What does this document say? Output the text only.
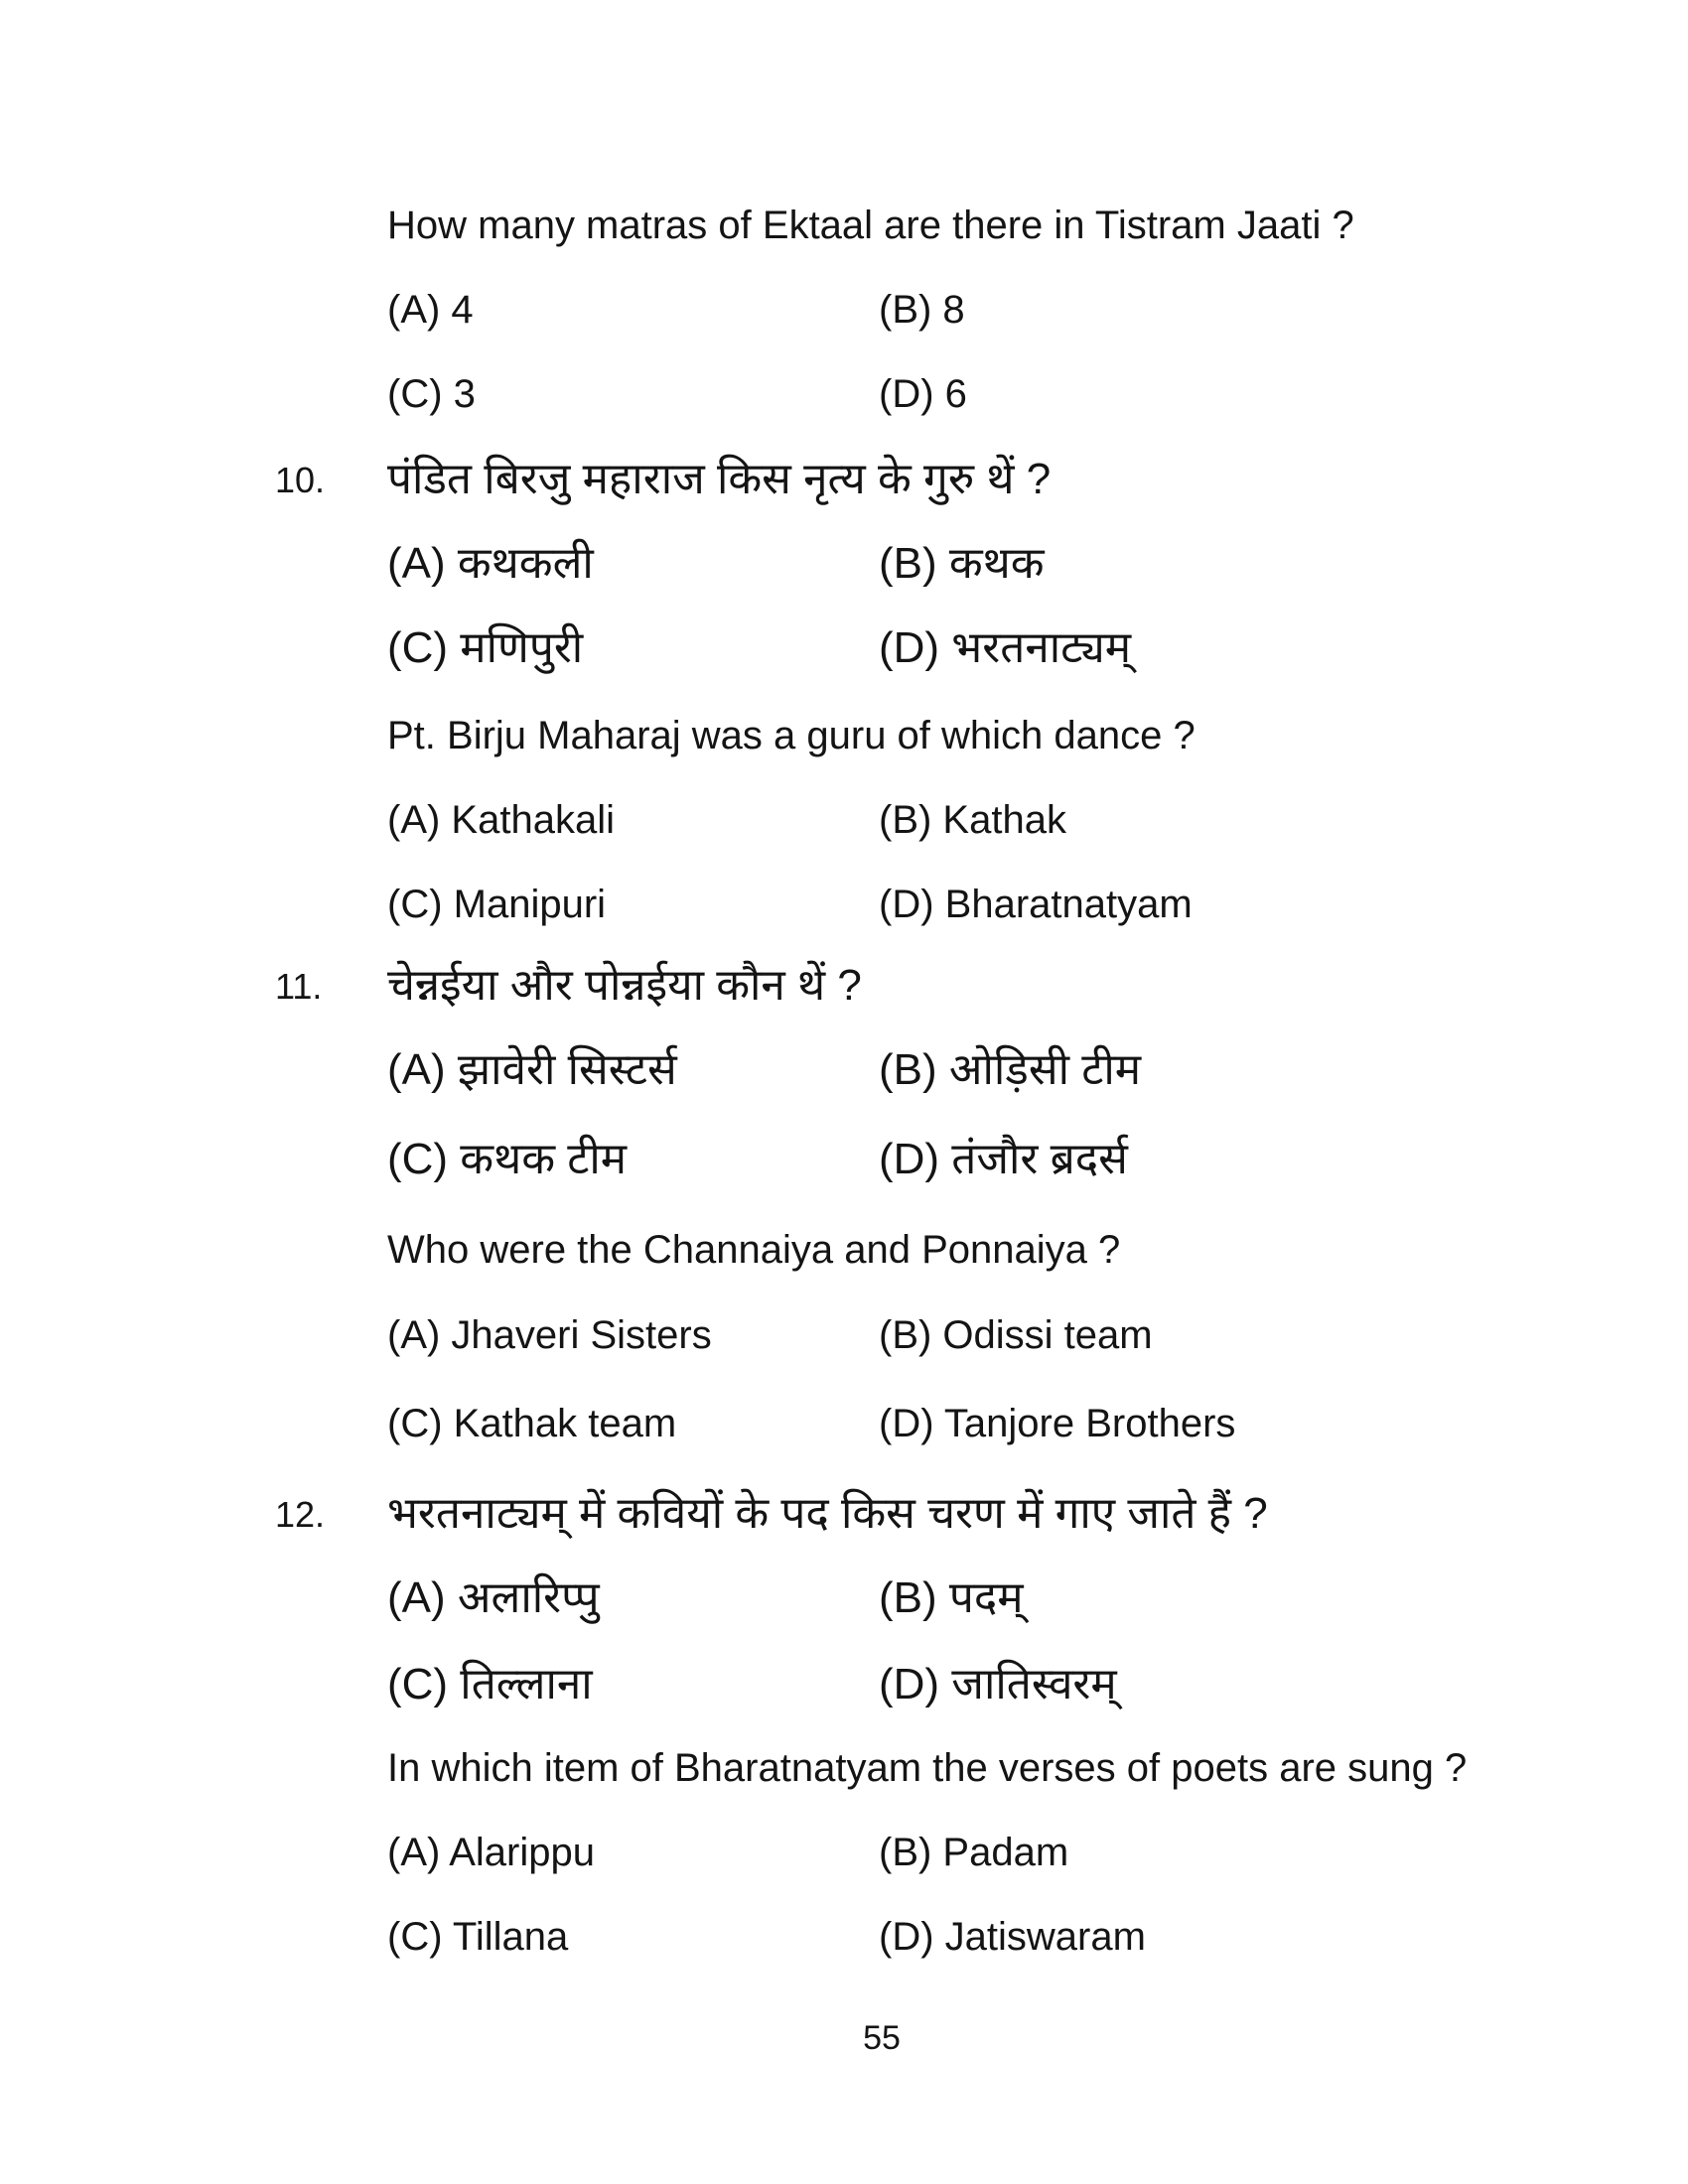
How many matras of Ektaal are there in Tistram Jaati ?
(A) 4	(B) 8
(C) 3	(D) 6
10. पंडित बिरजु महाराज किस नृत्य के गुरु थें ?
(A) कथकली	(B) कथक
(C) मणिपुरी	(D) भरतनाट्यम्
Pt. Birju Maharaj was a guru of which dance ?
(A) Kathakali	(B) Kathak
(C) Manipuri	(D) Bharatnatyam
11. चेन्नईया और पोन्नईया कौन थें ?
(A) झावेरी सिस्टर्स	(B) ओड़िसी टीम
(C) कथक टीम	(D) तंजौर ब्रदर्स
Who were the Channaiya and Ponnaiya ?
(A) Jhaveri Sisters	(B) Odissi team
(C) Kathak team	(D) Tanjore Brothers
12. भरतनाट्यम् में कवियों के पद किस चरण में गाए जाते हैं ?
(A) अलारिप्पु	(B) पदम्
(C) तिल्लाना	(D) जातिस्वरम्
In which item of Bharatnatyam the verses of poets are sung ?
(A) Alarippu	(B) Padam
(C) Tillana	(D) Jatiswaram
55
